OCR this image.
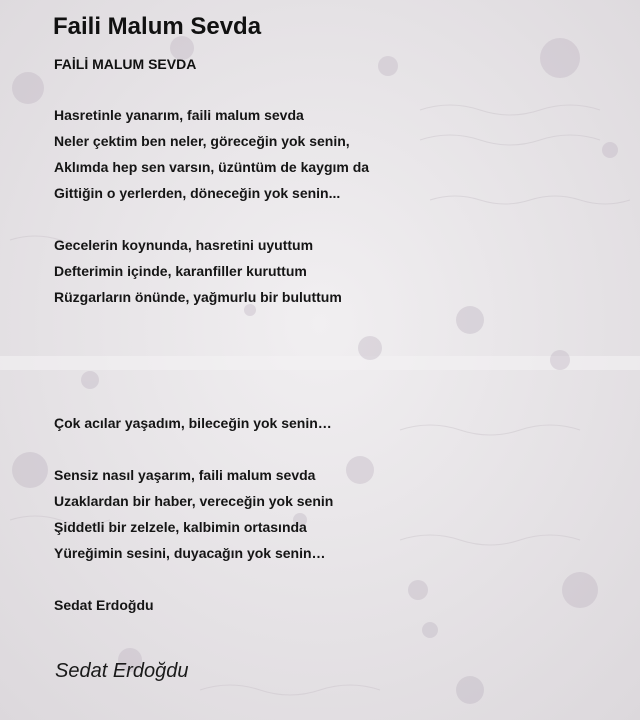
Faili Malum Sevda
FAİLİ MALUM SEVDA
Hasretinle yanarım, faili malum sevda
Neler çektim ben neler, göreceğin yok senin,
Aklımda hep sen varsın, üzüntüm de kaygım da
Gittiğin o yerlerden, döneceğin yok senin...
Gecelerin koynunda, hasretini uyuttum
Defterimin içinde, karanfiller kuruttum
Rüzgarların önünde, yağmurlu bir buluttum
Çok acılar yaşadım, bileceğin yok senin…
Sensiz nasıl yaşarım, faili malum sevda
Uzaklardan bir haber, vereceğin yok senin
Şiddetli bir zelzele, kalbimin ortasında
Yüreğimin sesini, duyacağın yok senin…
Sedat Erdoğdu
Sedat Erdoğdu
